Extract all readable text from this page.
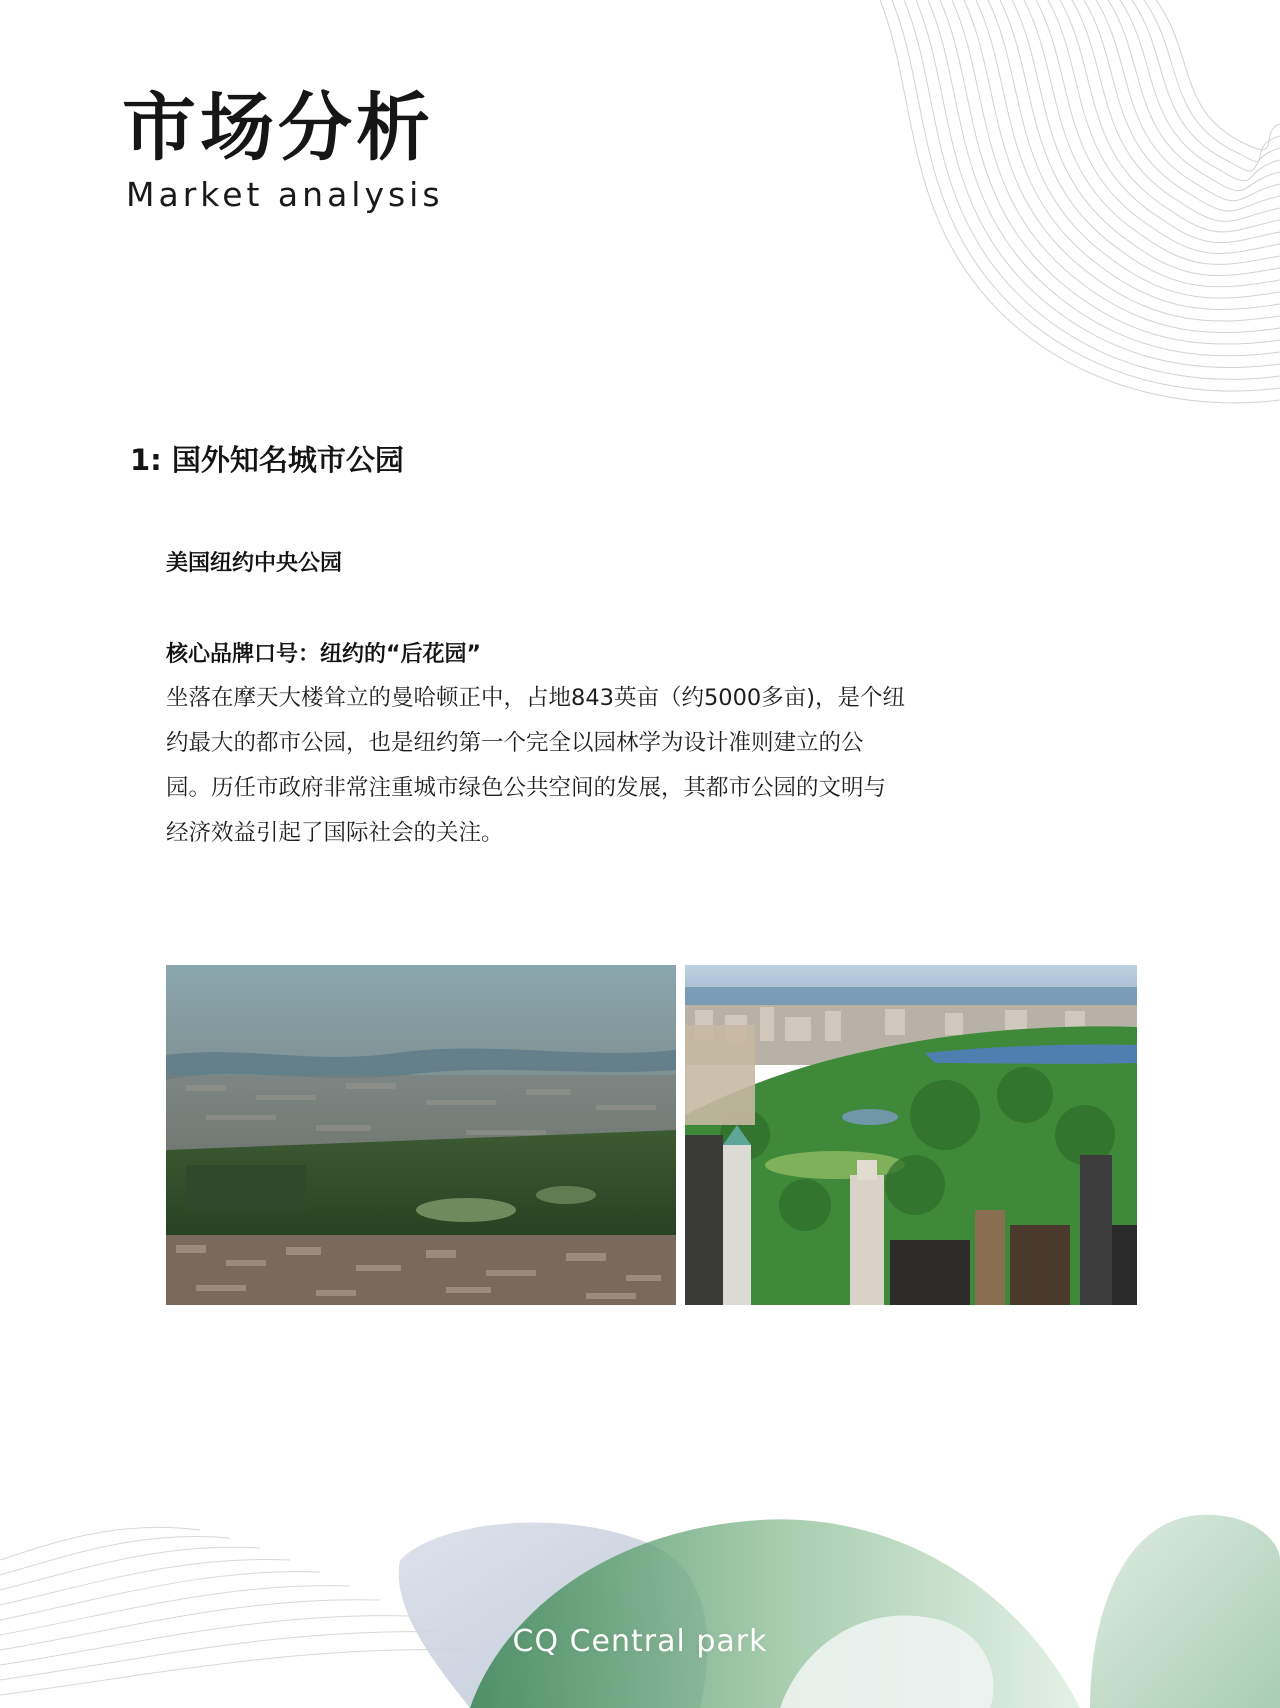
市场分析
Market analysis
1: 国外知名城市公园
美国纽约中央公园
核心品牌口号：纽约的“后花园”
坐落在摩天大楼耸立的曼哈顿正中，占地843英亩（约5000多亩)，是个纽约最大的都市公园，也是纽约第一个完全以园林学为设计准则建立的公园。历任市政府非常注重城市绿色公共空间的发展，其都市公园的文明与经济效益引起了国际社会的关注。
CQ Central park
